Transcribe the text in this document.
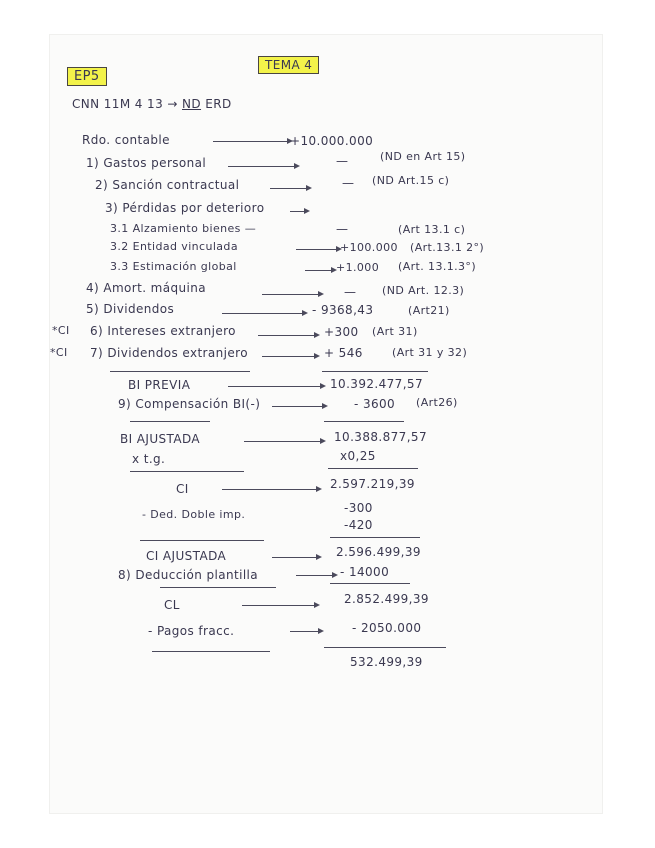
TEMA 4
EP5
CNN 11M 4 13 → ND ERD
Rdo. contable	+10.000.000
1) Gastos personal	—	(ND en Art 15)
2) Sanción contractual	— (ND Art.15 c)
3) Pérdidas por deterioro
3.1 Alzamiento bienes —	—	(Art 13.1 c)
3.2 Entidad vinculada	+100.000 (Art.13.1 2°)
3.3 Estimación global	+1.000 (Art. 13.1.3°)
4) Amort. máquina	— (ND Art. 12.3)
5) Dividendos	- 9368,43	(Art21)
*CI 6) Intereses extranjero	+300 (Art 31)
*CI 7) Dividendos extranjero	+ 546	(Art 31 y 32)
BI PREVIA	10.392.477,57
9) Compensación BI(-)	- 3600 (Art26)
BI AJUSTADA	10.388.877,57
x t.g.	x0,25
CI	2.597.219,39
- Ded. Doble imp.	-300
-420
CI AJUSTADA	2.596.499,39
8) Deducción plantilla	- 14000
CL	2.852.499,39
- Pagos fracc.	- 2050.000
532.499,39
